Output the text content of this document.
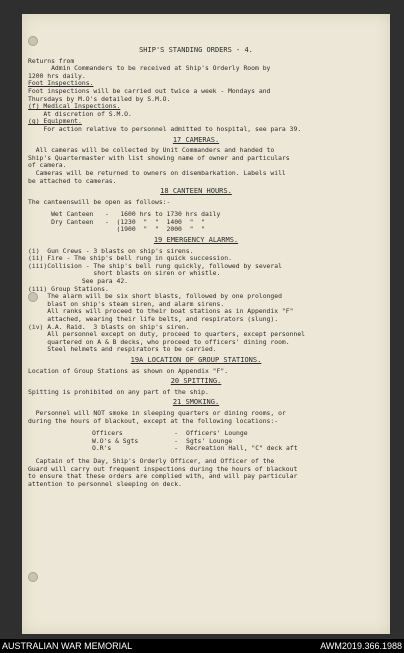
SHIP'S STANDING ORDERS - 4.
Returns from
Admin Commanders to be received at Ship's Orderly Room by
1200 hrs daily.
Foot Inspections.
Foot inspections will be carried out twice a week - Mondays and
Thursdays by M.O's detailed by S.M.O.
(f) Medical Inspections.
At discretion of S.M.O.
(g) Equipment.
For action relative to personnel admitted to hospital, see para 39.
17 CAMERAS.
All cameras will be collected by Unit Commanders and handed to
Ship's Quartermaster with list showing name of owner and particulars
of camera.
Cameras will be returned to owners on disembarkation. Labels will
be attached to cameras.
18 CANTEEN HOURS.
The canteenswill be open as follows:-
Wet Canteen   -   1600 hrs to 1730 hrs daily
Dry Canteen   -  (1230  "  "  1400  "  "
(1900  "  "  2000  "  "
19 EMERGENCY ALARMS.
(i)  Gun Crews - 3 blasts on ship's sirens.
(ii) Fire - The ship's bell rung in quick succession.
(iii)Collision - The ship's bell rung quickly, followed by several
short blasts on siren or whistle.
See para 42.
(iii) Group Stations.
The alarm will be six short blasts, followed by one prolonged
blast on ship's steam siren, and alarm sirens.
All ranks will proceed to their boat stations as in Appendix "F"
attached, wearing their life belts, and respirators (slung).
(iv) A.A. Raid.  3 blasts on ship's siren.
All personnel except on duty, proceed to quarters, except personnel
quartered on A & B decks, who proceed to officers' dining room.
Steel helmets and respirators to be carried.
19A LOCATION OF GROUP STATIONS.
Location of Group Stations as shown on Appendix "F".
20 SPITTING.
Spitting is prohibited on any part of the ship.
21 SMOKING.
Personnel will NOT smoke in sleeping quarters or dining rooms, or
during the hours of blackout, except at the following locations:-
Officers	-	Officers' Lounge
W.O's & Sgts	-	Sgts' Lounge
O.R's	-	Recreation Hall, "C" deck aft
Captain of the Day, Ship's Orderly Officer, and Officer of the
Guard will carry out frequent inspections during the hours of blackout
to ensure that these orders are complied with, and will pay particular
attention to personnel sleeping on deck.
AUSTRALIAN WAR MEMORIAL	AWM2019.366.1988
